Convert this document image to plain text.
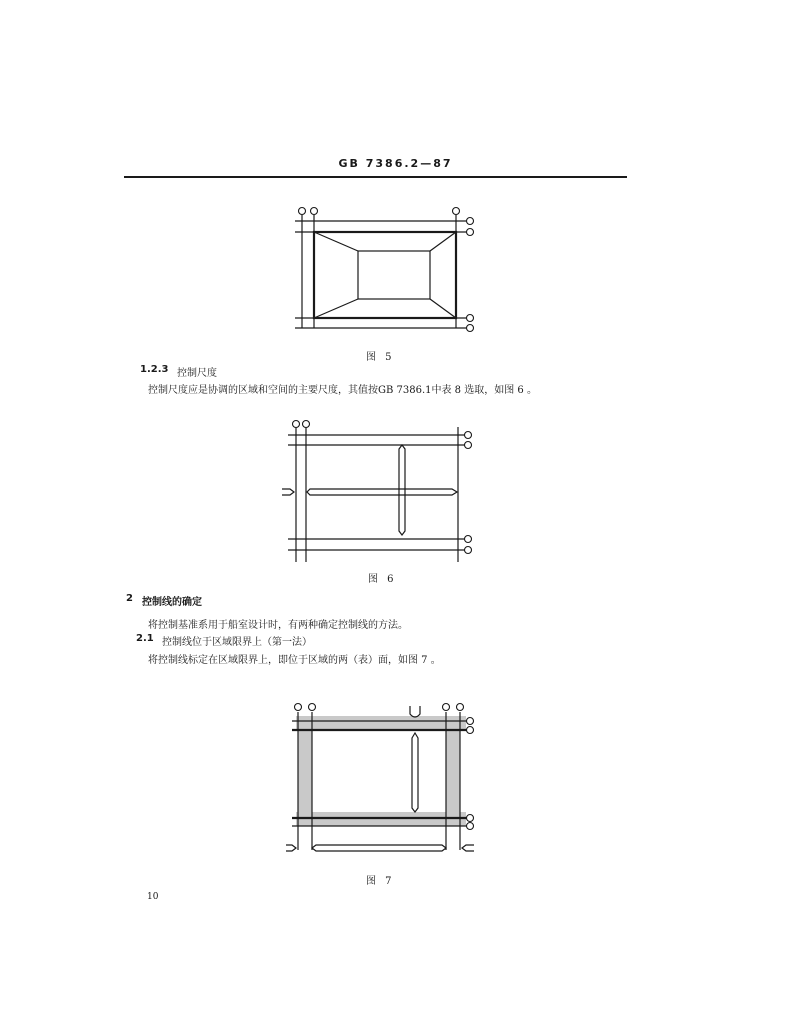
GB 7386.2—87
图 5
1.2.3 控制尺度
控制尺度应是协调的区域和空间的主要尺度，其值按GB 7386.1中表 8 选取，如图 6 。
图 6
2 控制线的确定
将控制基准系用于船室设计时，有两种确定控制线的方法。
2.1 控制线位于区域限界上（第一法）
将控制线标定在区域限界上，即位于区域的两（表）面，如图 7 。
图 7
10
